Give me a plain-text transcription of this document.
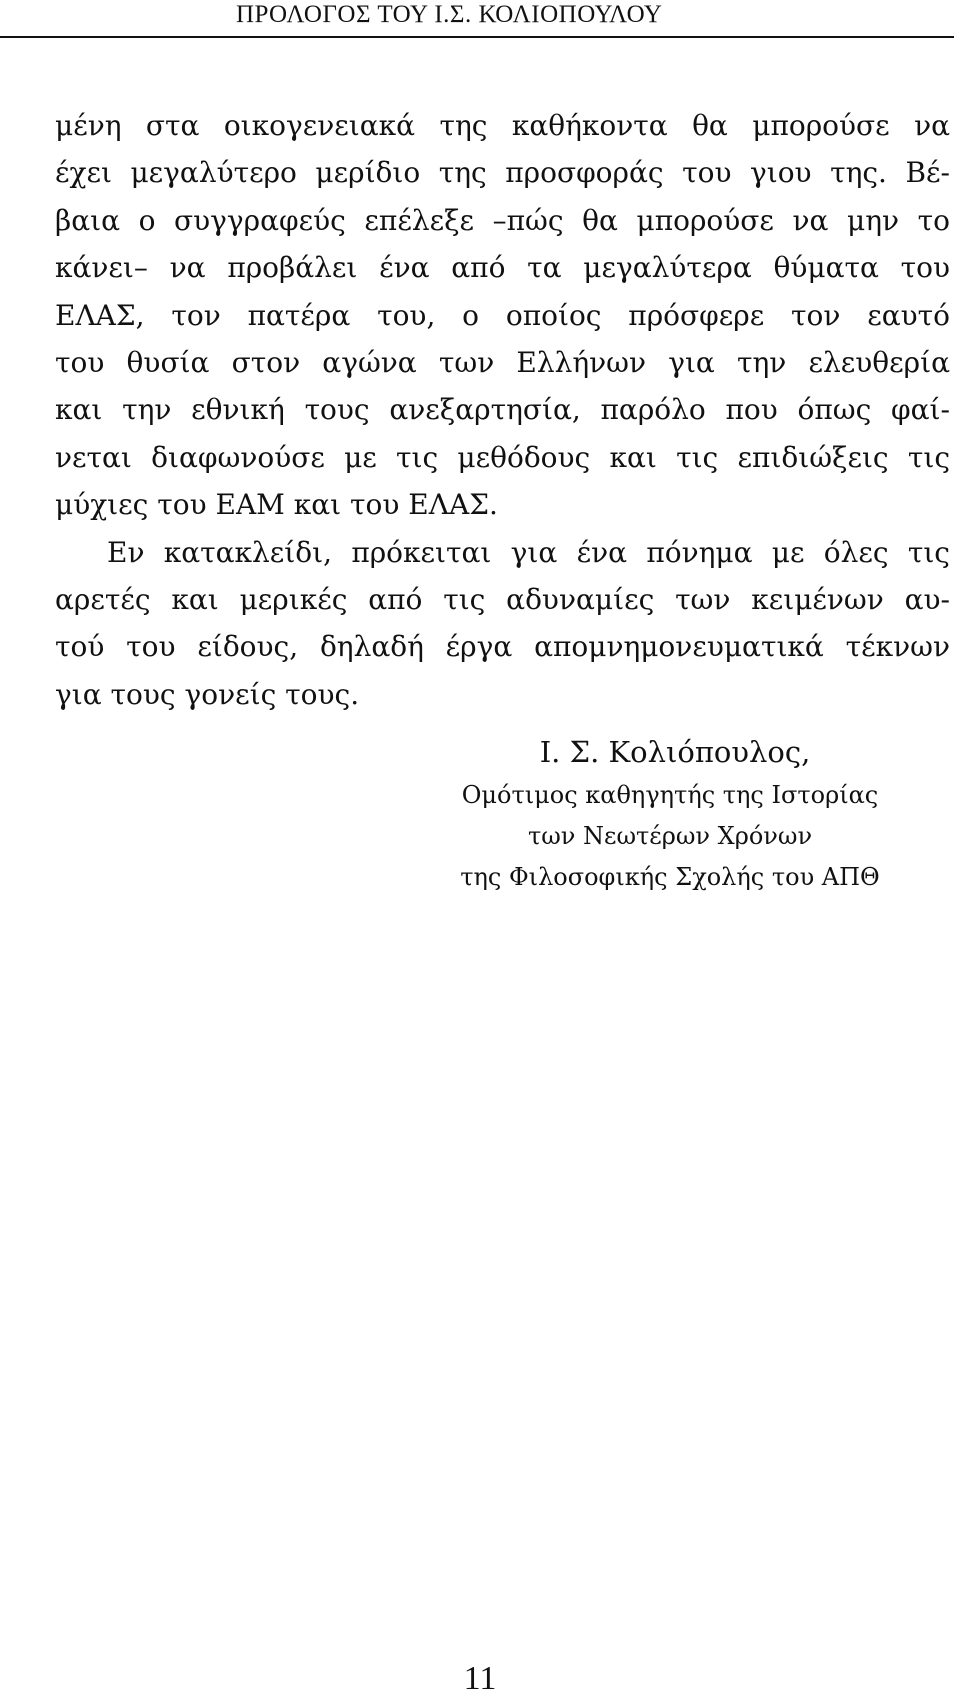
ΠΡΟΛΟΓΟΣ ΤΟΥ Ι.Σ. ΚΟΛΙΟΠΟΥΛΟΥ
μένη στα οικογενειακά της καθήκοντα θα μπορούσε να
έχει μεγαλύτερο μερίδιο της προσφοράς του γιου της. Βέ-
βαια ο συγγραφεύς επέλεξε –πώς θα μπορούσε να μην το
κάνει– να προβάλει ένα από τα μεγαλύτερα θύματα του
ΕΛΑΣ, τον πατέρα του, ο οποίος πρόσφερε τον εαυτό
του θυσία στον αγώνα των Ελλήνων για την ελευθερία
και την εθνική τους ανεξαρτησία, παρόλο που όπως φαί-
νεται διαφωνούσε με τις μεθόδους και τις επιδιώξεις τις
μύχιες του ΕΑΜ και του ΕΛΑΣ.
Εν κατακλείδι, πρόκειται για ένα πόνημα με όλες τις
αρετές και μερικές από τις αδυναμίες των κειμένων αυ-
τού του είδους, δηλαδή έργα απομνημονευματικά τέκνων
για τους γονείς τους.
Ι. Σ. Κολιόπουλος,
Ομότιμος καθηγητής της Ιστορίας
των Νεωτέρων Χρόνων
της Φιλοσοφικής Σχολής του ΑΠΘ
11
